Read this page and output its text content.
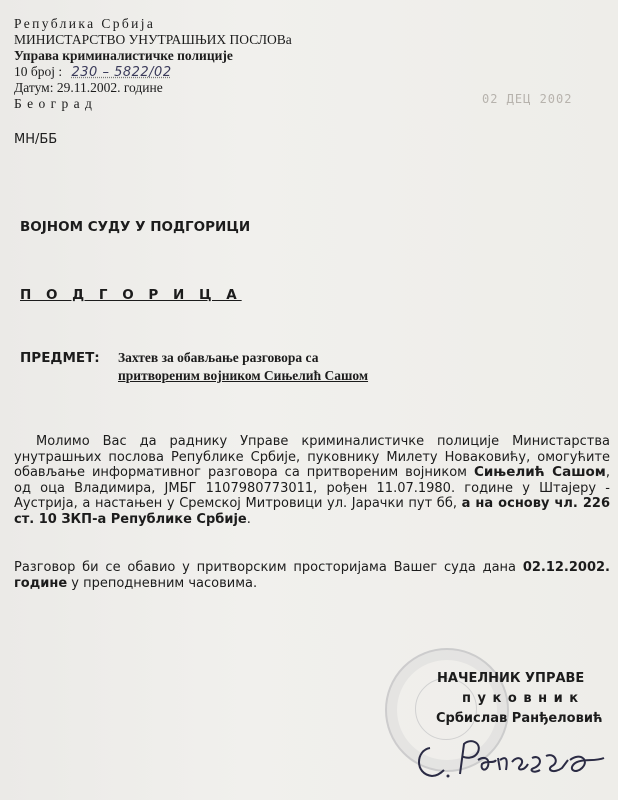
Република Србија
МИНИСТАРСТВО УНУТРАШЊИХ ПОСЛОВа
Управа криминалистичке полиције
10 број : 230 – 5822/02
Датум: 29.11.2002. године
Б е о г р а д	02 ДЕЦ 2002
МН/ББ
ВОЈНОМ СУДУ У ПОДГОРИЦИ
П О Д Г О Р И Ц А
ПРЕДМЕТ: Захтев за обављање разговора са
притвореним војником Сињелић Сашом
Молимо Вас да раднику Управе криминалистичке полиције Министарства унутрашњих послова Републике Србије, пуковнику Милету Новаковићу, омогућите обављање информативног разговора са притвореним војником Сињелић Сашом, од оца Владимира, ЈМБГ 1107980773011, рођен 11.07.1980. године у Штајеру - Аустрија, а настањен у Сремској Митровици ул. Јарачки пут бб, а на основу чл. 226 ст. 10 ЗКП-а Републике Србије.
Разговор би се обавио у притворским просторијама Вашег суда дана 02.12.2002. године у преподневним часовима.
НАЧЕЛНИК УПРАВЕ
п у к о в н и к
Србислав Ранђеловић
